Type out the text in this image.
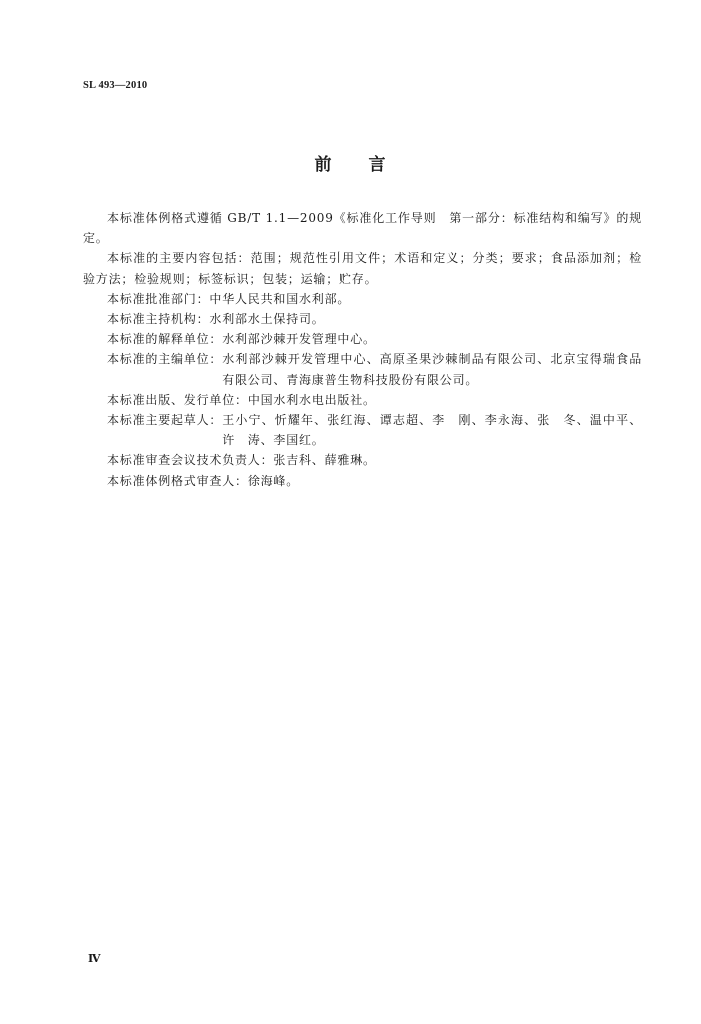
SL 493—2010
前　　言

本标准体例格式遵循 GB/T 1.1—2009《标准化工作导则　第一部分：标准结构和编写》的规定。

本标准的主要内容包括：范围；规范性引用文件；术语和定义；分类；要求；食品添加剂；检验方法；检验规则；标签标识；包装；运输；贮存。

本标准批准部门： 中华人民共和国水利部。
本标准主持机构： 水利部水土保持司。
本标准的解释单位： 水利部沙棘开发管理中心。
本标准的主编单位： 水利部沙棘开发管理中心、高原圣果沙棘制品有限公司、北京宝得瑞食品有限公司、青海康普生物科技股份有限公司。
本标准出版、发行单位： 中国水利水电出版社。
本标准主要起草人： 王小宁、忻耀年、张红海、谭志超、李　刚、李永海、张　冬、温中平、许　涛、李国红。
本标准审查会议技术负责人： 张吉科、薛雅琳。
本标准体例格式审查人： 徐海峰。
Ⅳ
